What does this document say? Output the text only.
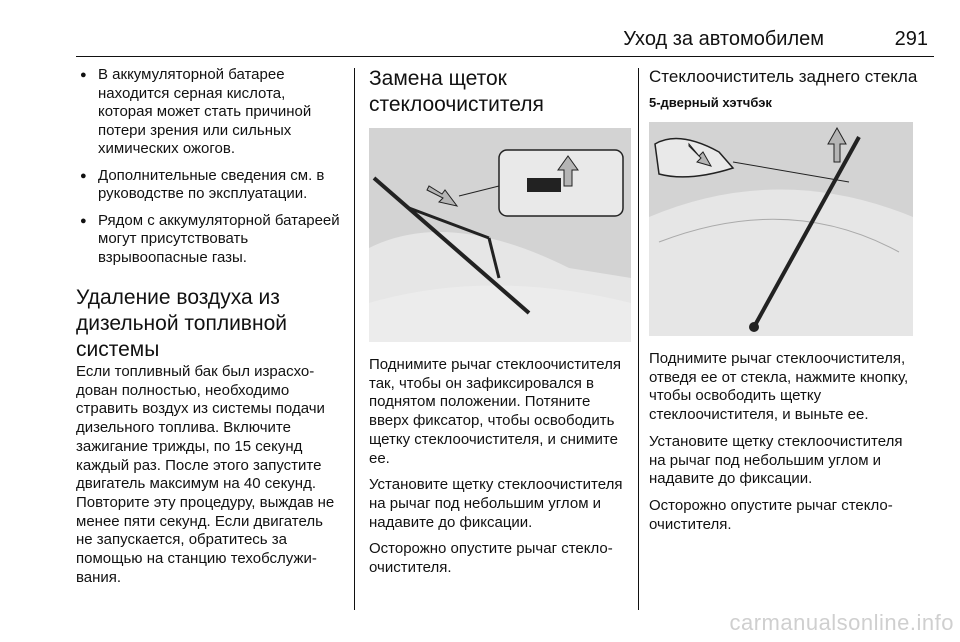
Уход за автомобилем	291
● В аккумуляторной батарее находится серная кислота, которая может стать причиной потери зрения или сильных химических ожогов.
● Дополнительные сведения см. в руководстве по эксплуатации.
● Рядом с аккумуляторной батареей могут присутствовать взрывоопасные газы.
Удаление воздуха из дизельной топливной системы

Если топливный бак был израсходован полностью, необходимо стравить воздух из системы подачи дизельного топлива. Включите зажигание трижды, по 15 секунд каждый раз. После этого запустите двигатель максимум на 40 секунд. Повторите эту процедуру, выждав не менее пяти секунд. Если двигатель не запускается, обратитесь за помощью на станцию техобслуживания.

Замена щеток стеклоочистителя

Поднимите рычаг стеклоочистителя так, чтобы он зафиксировался в поднятом положении. Потяните вверх фиксатор, чтобы освободить щетку стеклоочистителя, и снимите ее.

Установите щетку стеклоочистителя на рычаг под небольшим углом и надавите до фиксации.

Осторожно опустите рычаг стеклоочистителя.

Стеклоочиститель заднего стекла

5-дверный хэтчбэк

Поднимите рычаг стеклоочистителя, отведя ее от стекла, нажмите кнопку, чтобы освободить щетку стеклоочистителя, и выньте ее.

Установите щетку стеклоочистителя на рычаг под небольшим углом и надавите до фиксации.

Осторожно опустите рычаг стеклоочистителя.

carmanualsonline.info
